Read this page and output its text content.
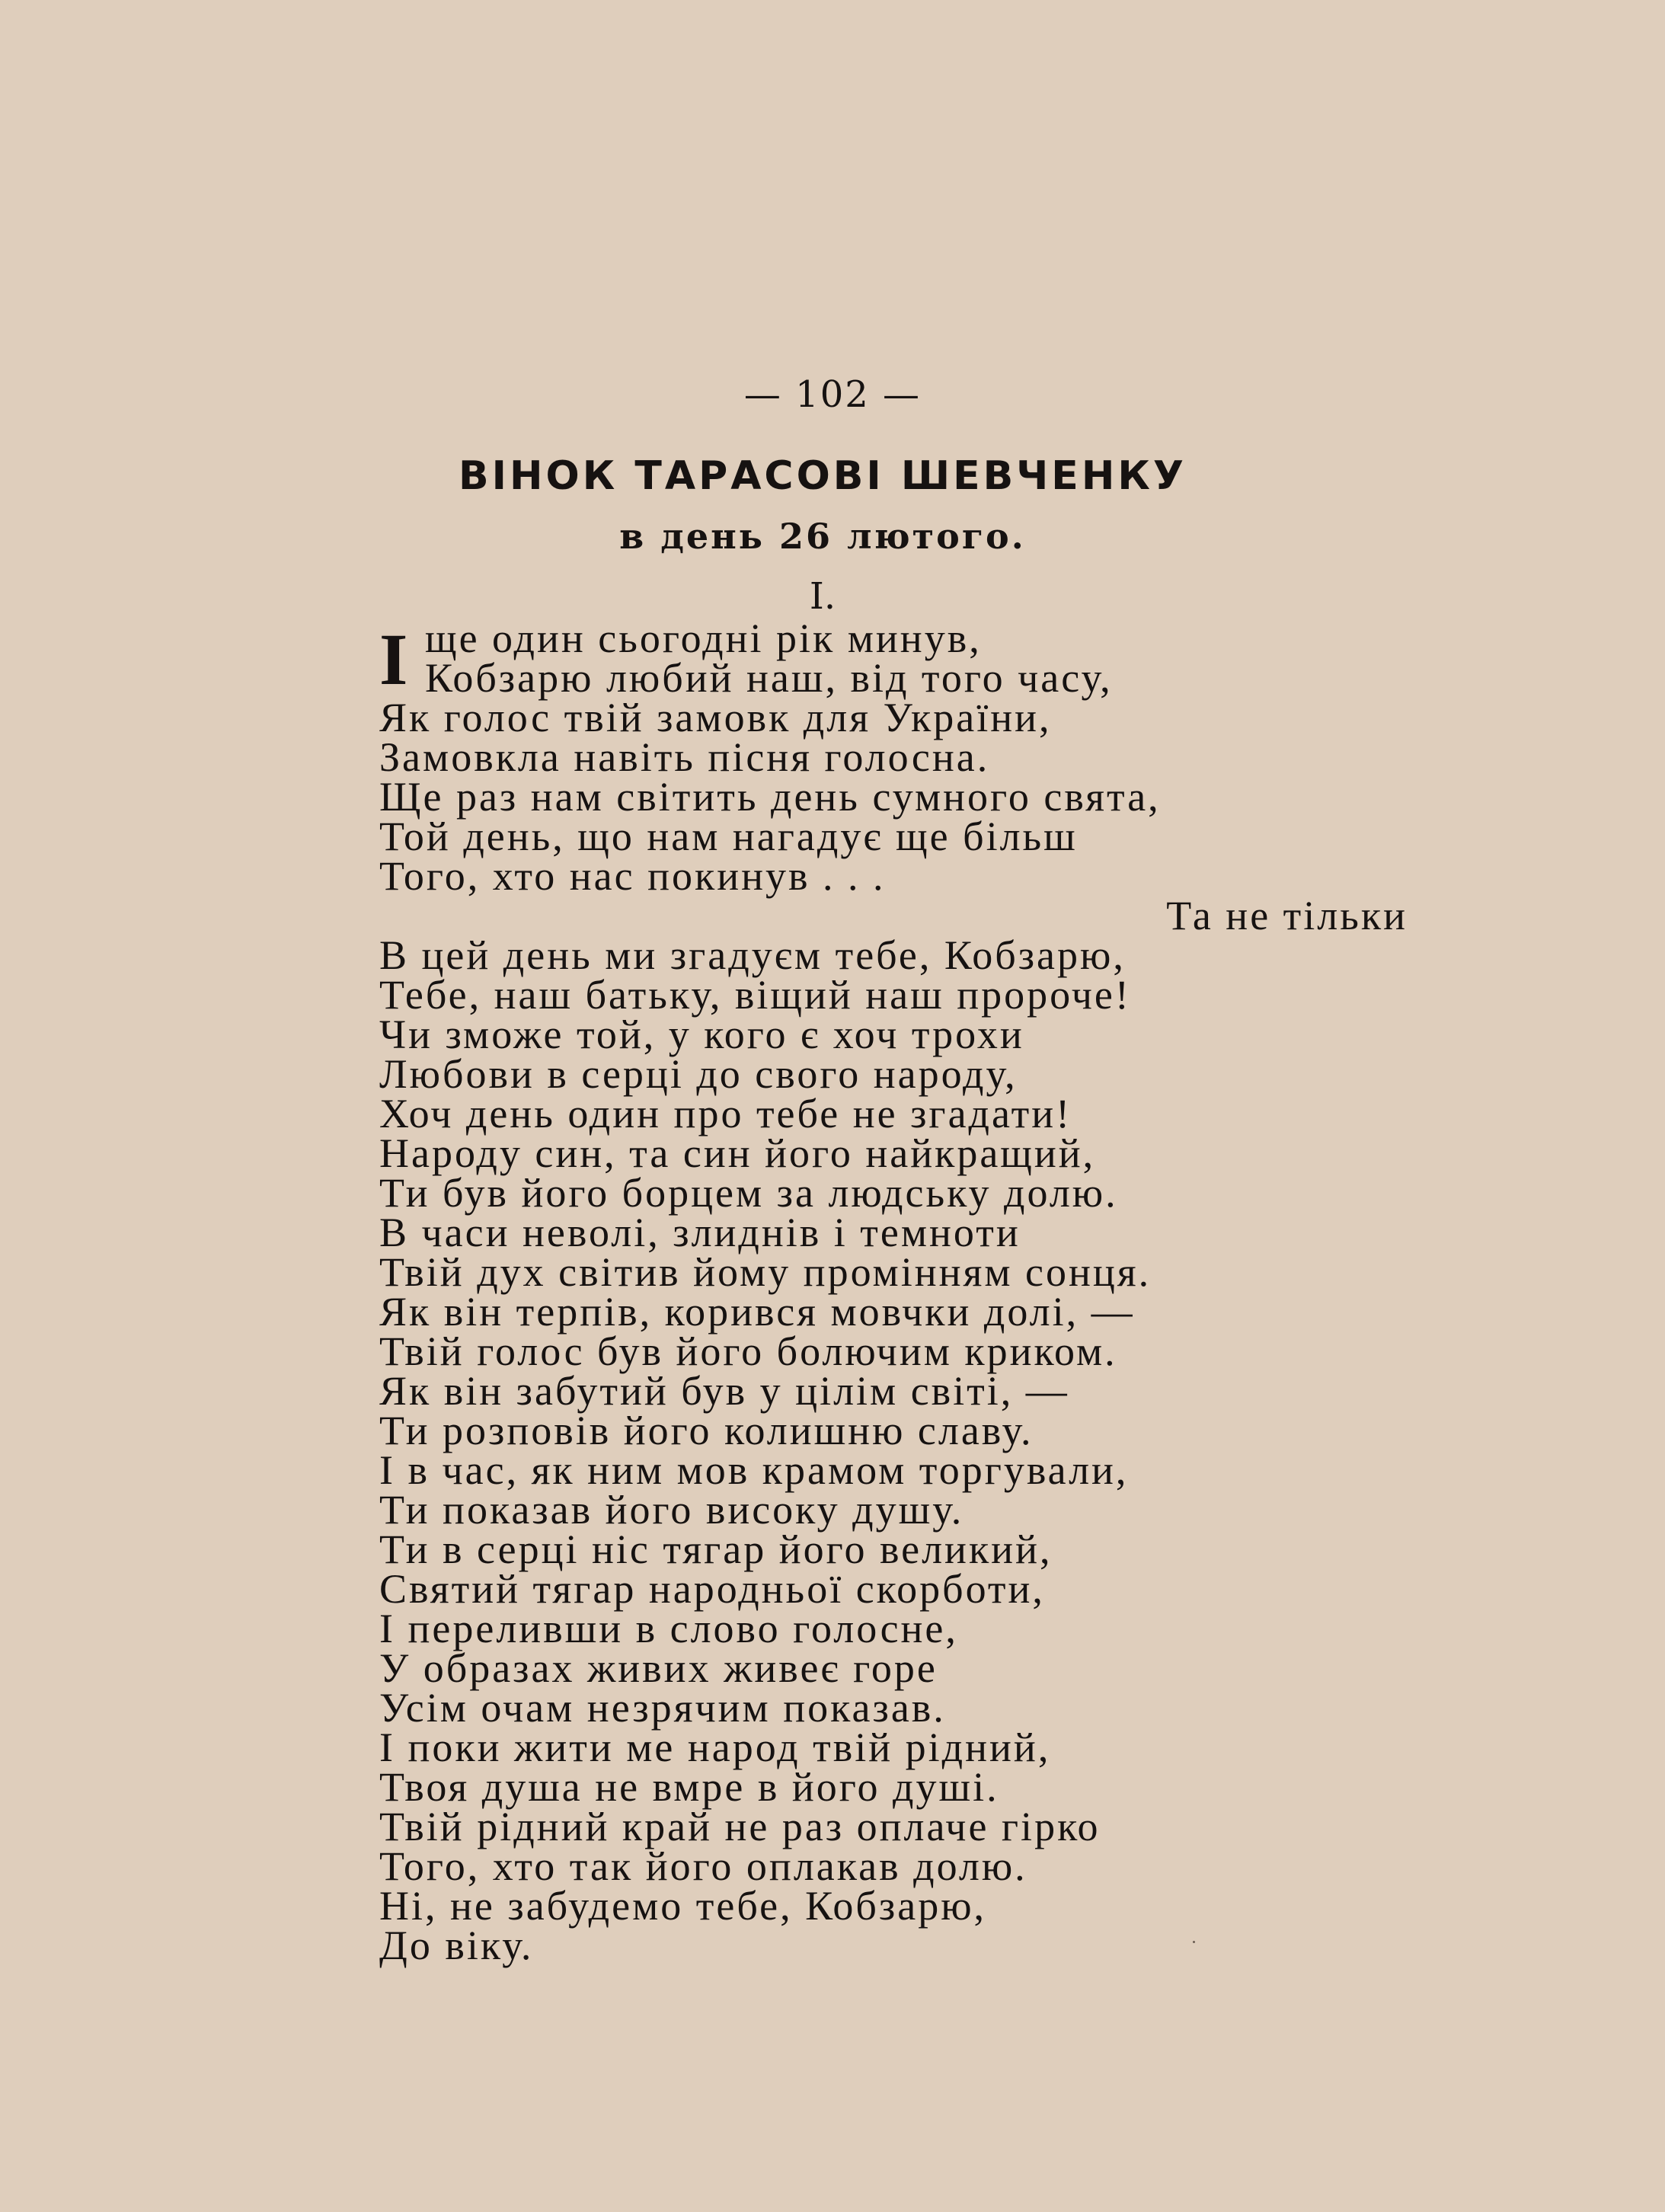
— 102 —

ВІНОК ТАРАСОВІ ШЕВЧЕНКУ
в день 26 лютого.

I.

І ще один сьогодні рік минув,
Кобзарю любий наш, від того часу,
Як голос твій замовк для України,
Замовкла навіть пісня голосна.
Ще раз нам світить день сумного свята,
Той день, що нам нагадує ще більш
Того, хто нас покинув . . .
Та не тільки
В цей день ми згадуєм тебе, Кобзарю,
Тебе, наш батьку, віщий наш пророче!
Чи зможе той, у кого є хоч трохи
Любови в серці до свого народу,
Хоч день один про тебе не згадати!
Народу син, та син його найкращий,
Ти був його борцем за людську долю.
В часи неволі, злиднів і темноти
Твій дух світив йому промінням сонця.
Як він терпів, корився мовчки долі, —
Твій голос був його болючим криком.
Як він забутий був у цілім світі, —
Ти розповів його колишню славу.
І в час, як ним мов крамом торгували,
Ти показав його високу душу.
Ти в серці ніс тягар його великий,
Святий тягар народньої скорботи,
І переливши в слово голосне,
У образах живих живеє горе
Усім очам незрячим показав.
І поки жити ме народ твій рідний,
Твоя душа не вмре в його душі.
Твій рідний край не раз оплаче гірко
Того, хто так його оплакав долю.
Ні, не забудемо тебе, Кобзарю,
До віку.
